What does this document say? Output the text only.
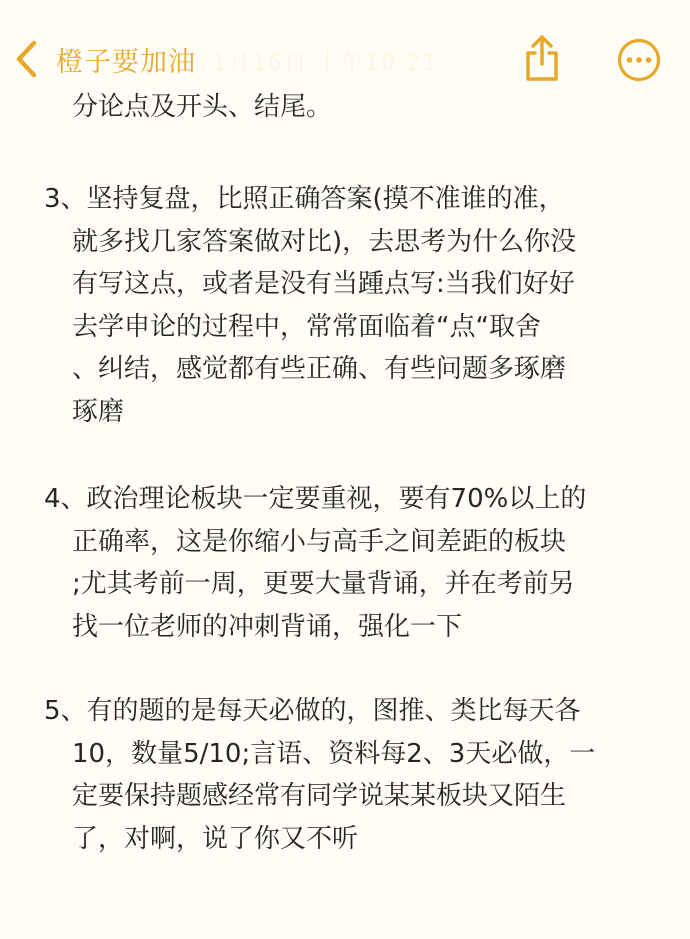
橙子要加油 1月16日 上午10:21
分论点及开头、结尾。
3、坚持复盘，比照正确答案(摸不准谁的准，
就多找几家答案做对比)，去思考为什么你没
有写这点，或者是没有当踵点写:当我们好好
去学申论的过程中，常常面临着“点“取舍
、纠结，感觉都有些正确、有些问题多琢磨
琢磨
4、政治理论板块一定要重视，要有70%以上的
正确率，这是你缩小与高手之间差距的板块
;尤其考前一周，更要大量背诵，并在考前另
找一位老师的冲刺背诵，强化一下
5、有的题的是每天必做的，图推、类比每天各
10，数量5/10;言语、资料每2、3天必做，一
定要保持题感经常有同学说某某板块又陌生
了，对啊，说了你又不听
